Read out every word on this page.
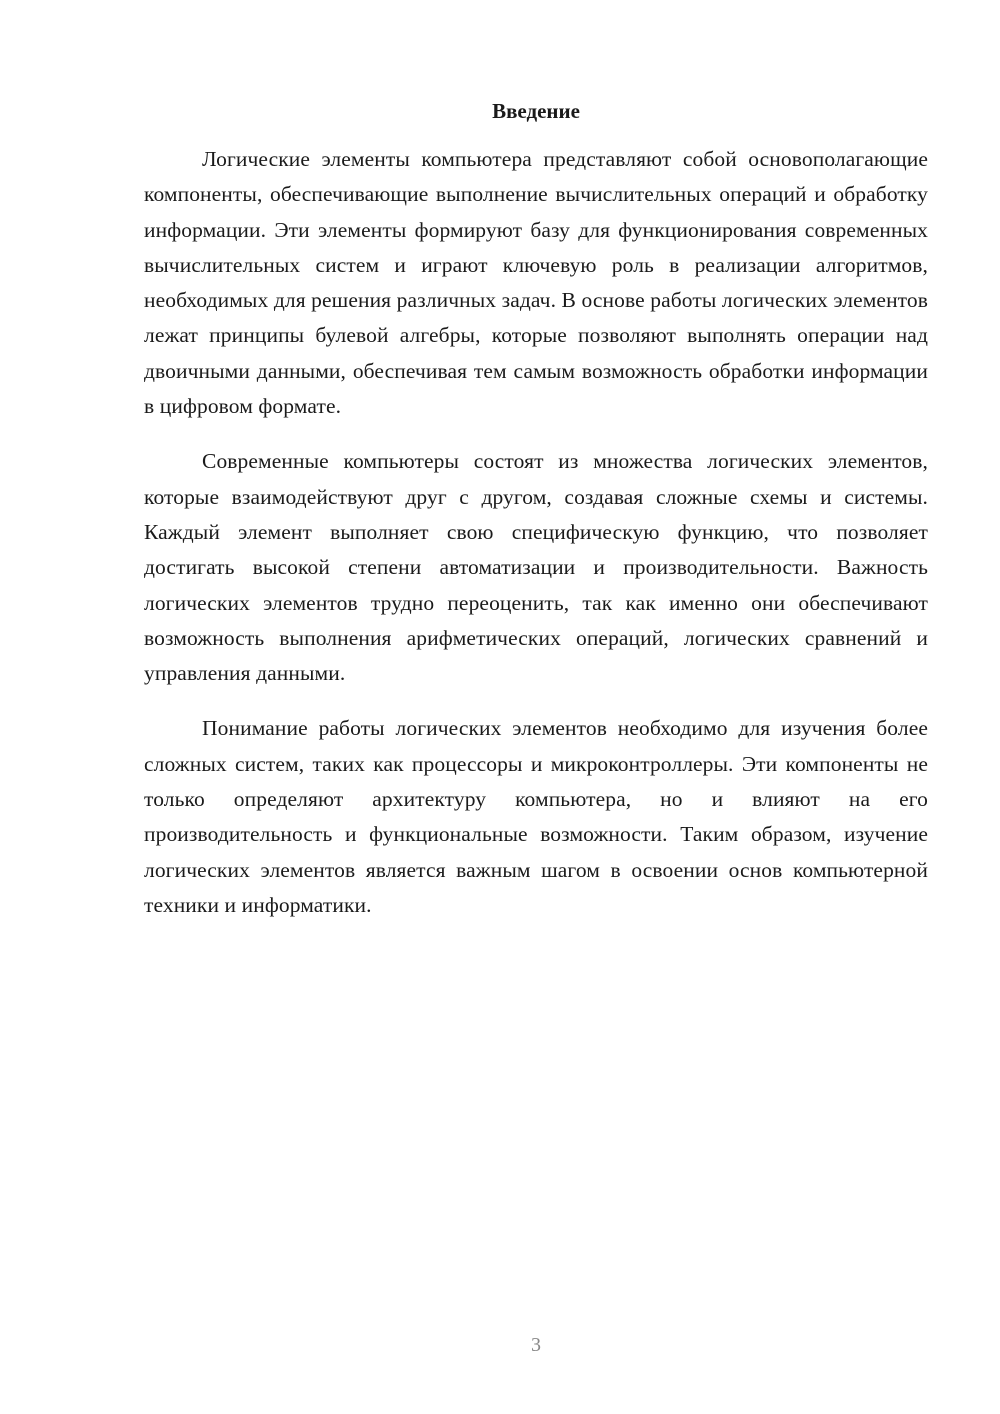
Введение

Логические элементы компьютера представляют собой основополагающие компоненты, обеспечивающие выполнение вычислительных операций и обработку информации. Эти элементы формируют базу для функционирования современных вычислительных систем и играют ключевую роль в реализации алгоритмов, необходимых для решения различных задач. В основе работы логических элементов лежат принципы булевой алгебры, которые позволяют выполнять операции над двоичными данными, обеспечивая тем самым возможность обработки информации в цифровом формате.

Современные компьютеры состоят из множества логических элементов, которые взаимодействуют друг с другом, создавая сложные схемы и системы. Каждый элемент выполняет свою специфическую функцию, что позволяет достигать высокой степени автоматизации и производительности. Важность логических элементов трудно переоценить, так как именно они обеспечивают возможность выполнения арифметических операций, логических сравнений и управления данными.

Понимание работы логических элементов необходимо для изучения более сложных систем, таких как процессоры и микроконтроллеры. Эти компоненты не только определяют архитектуру компьютера, но и влияют на его производительность и функциональные возможности. Таким образом, изучение логических элементов является важным шагом в освоении основ компьютерной техники и информатики.

3
